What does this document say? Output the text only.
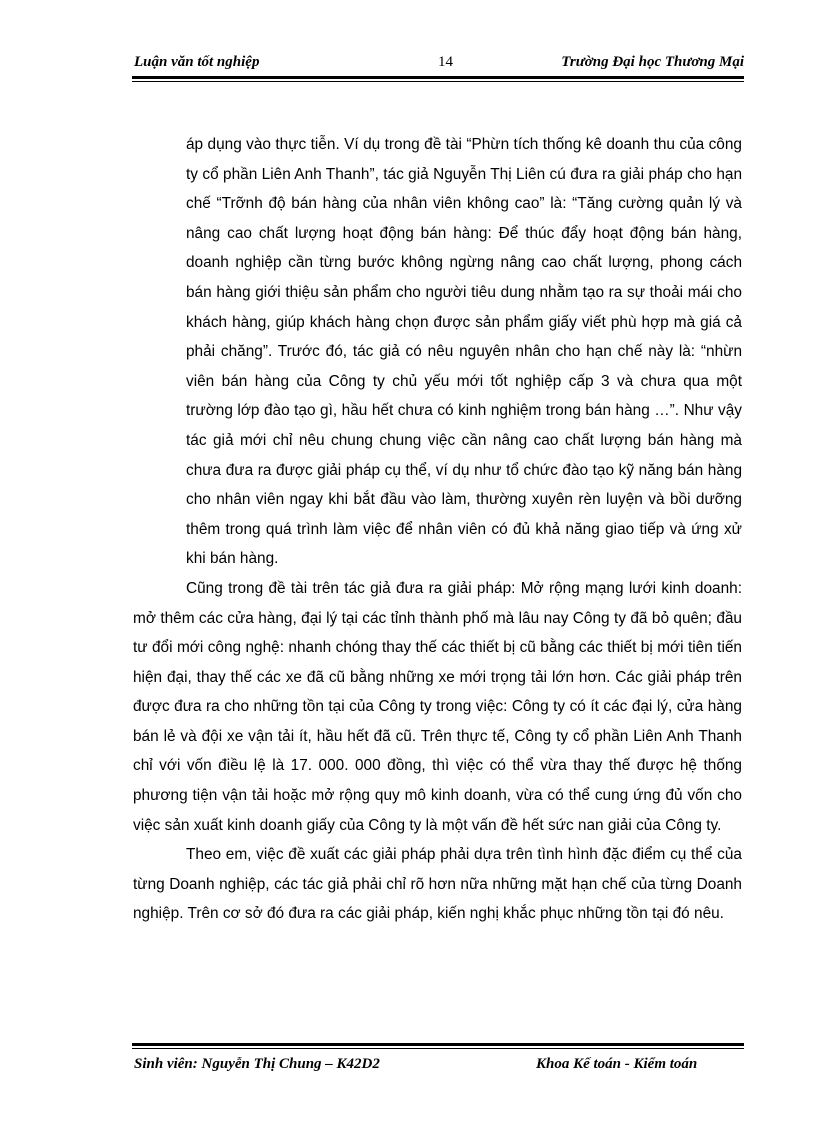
Luận văn tốt nghiệp	14	Trường Đại học Thương Mại

áp dụng vào thực tiễn. Ví dụ trong đề tài “Phừn tích thống kê doanh thu của công ty cổ phần Liên Anh Thanh”, tác giả Nguyễn Thị Liên cú đưa ra giải pháp cho hạn chế “Trỡnh độ bán hàng của nhân viên không cao” là: “Tăng cường quản lý và nâng cao chất lượng hoạt động bán hàng: Để thúc đẩy hoạt động bán hàng, doanh nghiệp cần từng bước không ngừng nâng cao chất lượng, phong cách bán hàng giới thiệu sản phẩm cho người tiêu dung nhằm tạo ra sự thoải mái cho khách hàng, giúp khách hàng chọn được sản phẩm giấy viết phù hợp mà giá cả phải chăng”. Trước đó, tác giả có nêu nguyên nhân cho hạn chế này là: “nhừn viên bán hàng của Công ty chủ yếu mới tốt nghiệp cấp 3 và chưa qua một trường lớp đào tạo gì, hầu hết chưa có kinh nghiệm trong bán hàng …”. Như vậy tác giả mới chỉ nêu chung chung việc cần nâng cao chất lượng bán hàng mà chưa đưa ra được giải pháp cụ thể, ví dụ như tổ chức đào tạo kỹ năng bán hàng cho nhân viên ngay khi bắt đầu vào làm, thường xuyên rèn luyện và bồi dưỡng thêm trong quá trình làm việc để nhân viên có đủ khả năng giao tiếp và ứng xử khi bán hàng.

Cũng trong đề tài trên tác giả đưa ra giải pháp: Mở rộng mạng lưới kinh doanh: mở thêm các cửa hàng, đại lý tại các tỉnh thành phố mà lâu nay Công ty đã bỏ quên; đầu tư đổi mới công nghệ: nhanh chóng thay thế các thiết bị cũ bằng các thiết bị mới tiên tiến hiện đại, thay thế các xe đã cũ bằng những xe mới trọng tải lớn hơn. Các giải pháp trên được đưa ra cho những tồn tại của Công ty trong việc: Công ty có ít các đại lý, cửa hàng bán lẻ và đội xe vận tải ít, hầu hết đã cũ. Trên thực tế, Công ty cổ phần Liên Anh Thanh chỉ với vốn điều lệ là 17. 000. 000 đồng, thì việc có thể vừa thay thế được hệ thống phương tiện vận tải hoặc mở rộng quy mô kinh doanh, vừa có thể cung ứng đủ vốn cho việc sản xuất kinh doanh giấy của Công ty là một vấn đề hết sức nan giải của Công ty.

Theo em, việc đề xuất các giải pháp phải dựa trên tình hình đặc điểm cụ thể của từng Doanh nghiệp, các tác giả phải chỉ rõ hơn nữa những mặt hạn chế của từng Doanh nghiệp. Trên cơ sở đó đưa ra các giải pháp, kiến nghị khắc phục những tồn tại đó nêu.

Sinh viên: Nguyễn Thị Chung – K42D2	Khoa Kế toán - Kiểm toán
